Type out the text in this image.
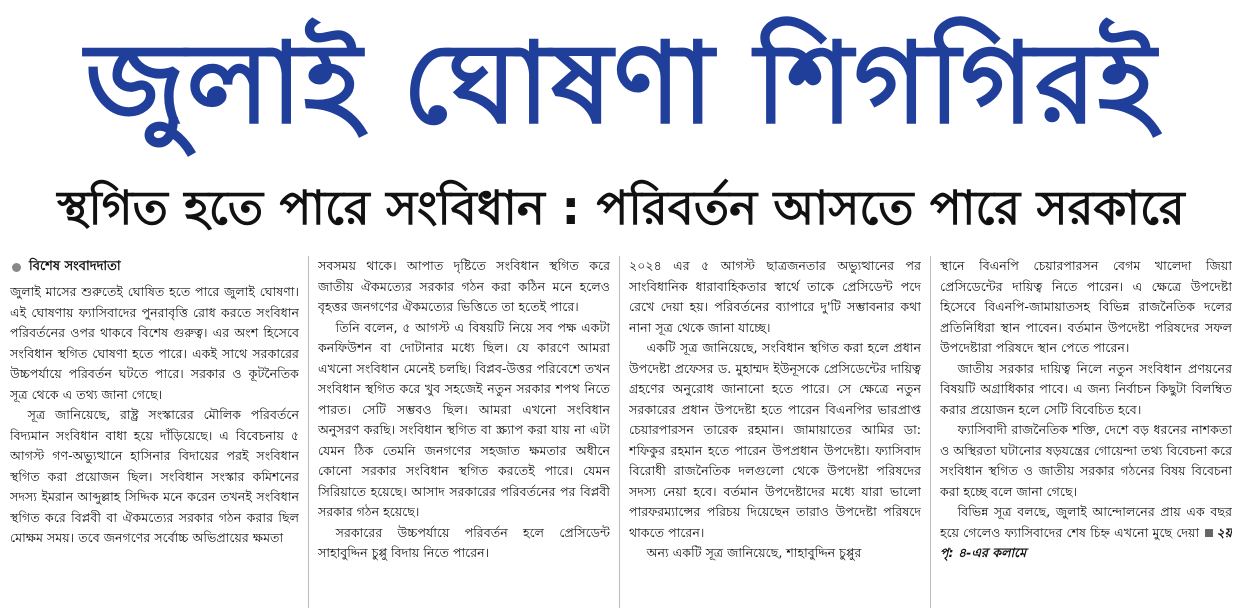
জুলাই ঘোষণা শিগগিরই
স্থগিত হতে পারে সংবিধান : পরিবর্তন আসতে পারে সরকারে
বিশেষ সংবাদদাতা

জুলাই মাসের শুরুতেই ঘোষিত হতে পারে জুলাই ঘোষণা। এই ঘোষণায় ফ্যাসিবাদের পুনরাবৃত্তি রোধ করতে সংবিধান পরিবর্তনের ওপর থাকবে বিশেষ গুরুত্ব। এর অংশ হিসেবে সংবিধান স্থগিত ঘোষণা হতে পারে। একই সাথে সরকারের উচ্চপর্যায়ে পরিবর্তন ঘটতে পারে। সরকার ও কূটনৈতিক সূত্র থেকে এ তথ্য জানা গেছে।

সূত্র জানিয়েছে, রাষ্ট্র সংস্কারের মৌলিক পরিবর্তনে বিদ্যমান সংবিধান বাধা হয়ে দাঁড়িয়েছে। এ বিবেচনায় ৫ আগস্ট গণ-অভ্যুত্থানে হাসিনার বিদায়ের পরই সংবিধান স্থগিত করা প্রয়োজন ছিল। সংবিধান সংস্কার কমিশনের সদস্য ইমরান আব্দুল্লাহ সিদ্দিক মনে করেন তখনই সংবিধান স্থগিত করে বিপ্লবী বা ঐকমত্যের সরকার গঠন করার ছিল মোক্ষম সময়। তবে জনগণের সর্বোচ্চ অভিপ্রায়ের ক্ষমতা

সবসময় থাকে। আপাত দৃষ্টিতে সংবিধান স্থগিত করে জাতীয় ঐকমত্যের সরকার গঠন করা কঠিন মনে হলেও বৃহত্তর জনগণের ঐকমত্যের ভিত্তিতে তা হতেই পারে।

তিনি বলেন, ৫ আগস্ট এ বিষয়টি নিয়ে সব পক্ষ একটা কনফিউশন বা দোটানার মধ্যে ছিল। যে কারণে আমরা এখনো সংবিধান মেনেই চলছি। বিপ্লব-উত্তর পরিবেশে তখন সংবিধান স্থগিত করে খুব সহজেই নতুন সরকার শপথ নিতে পারত। সেটি সম্ভবও ছিল। আমরা এখনো সংবিধান অনুসরণ করছি। সংবিধান স্থগিত বা স্ক্র্যাপ করা যায় না এটা যেমন ঠিক তেমনি জনগণের সহজাত ক্ষমতার অধীনে কোনো সরকার সংবিধান স্থগিত করতেই পারে। যেমন সিরিয়াতে হয়েছে। আসাদ সরকারের পরিবর্তনের পর বিপ্লবী সরকার গঠন হয়েছে।

সরকারের উচ্চপর্যায়ে পরিবর্তন হলে প্রেসিডেন্ট সাহাবুদ্দিন চুপ্পু বিদায় নিতে পারেন।

২০২৪ এর ৫ আগস্ট ছাত্রজনতার অভ্যুত্থানের পর সাংবিধানিক ধারাবাহিকতার স্বার্থে তাকে প্রেসিডেন্ট পদে রেখে দেয়া হয়। পরিবর্তনের ব্যাপারে দু'টি সম্ভাবনার কথা নানা সূত্র থেকে জানা যাচ্ছে।

একটি সূত্র জানিয়েছে, সংবিধান স্থগিত করা হলে প্রধান উপদেষ্টা প্রফেসর ড. মুহাম্মদ ইউনূসকে প্রেসিডেন্টের দায়িত্ব গ্রহণের অনুরোধ জানানো হতে পারে। সে ক্ষেত্রে নতুন সরকারের প্রধান উপদেষ্টা হতে পারেন বিএনপির ভারপ্রাপ্ত চেয়ারপারসন তারেক রহমান। জামায়াতের আমির ডা: শফিকুর রহমান হতে পারেন উপপ্রধান উপদেষ্টা। ফ্যাসিবাদ বিরোধী রাজনৈতিক দলগুলো থেকে উপদেষ্টা পরিষদের সদস্য নেয়া হবে। বর্তমান উপদেষ্টাদের মধ্যে যারা ভালো পারফরম্যান্সের পরিচয় দিয়েছেন তারাও উপদেষ্টা পরিষদে থাকতে পারেন।

অন্য একটি সূত্র জানিয়েছে, শাহাবুদ্দিন চুপ্পুর

স্থানে বিএনপি চেয়ারপারসন বেগম খালেদা জিয়া প্রেসিডেন্টের দায়িত্ব নিতে পারেন। এ ক্ষেত্রে উপদেষ্টা হিসেবে বিএনপি-জামায়াতসহ বিভিন্ন রাজনৈতিক দলের প্রতিনিধিরা স্থান পাবেন। বর্তমান উপদেষ্টা পরিষদের সফল উপদেষ্টারা পরিষদে স্থান পেতে পারেন।

জাতীয় সরকার দায়িত্ব নিলে নতুন সংবিধান প্রণয়নের বিষয়টি অগ্রাধিকার পাবে। এ জন্য নির্বাচন কিছুটা বিলম্বিত করার প্রয়োজন হলে সেটি বিবেচিত হবে।

ফ্যাসিবাদী রাজনৈতিক শক্তি, দেশে বড় ধরনের নাশকতা ও অস্থিরতা ঘটানোর ষড়যন্ত্রের গোয়েন্দা তথ্য বিবেচনা করে সংবিধান স্থগিত ও জাতীয় সরকার গঠনের বিষয় বিবেচনা করা হচ্ছে বলে জানা গেছে।

বিভিন্ন সূত্র বলছে, জুলাই আন্দোলনের প্রায় এক বছর হয়ে গেলেও ফ্যাসিবাদের শেষ চিহ্ন এখনো মুছে দেয়া ২য় পৃ: ৪-এর কলামে
